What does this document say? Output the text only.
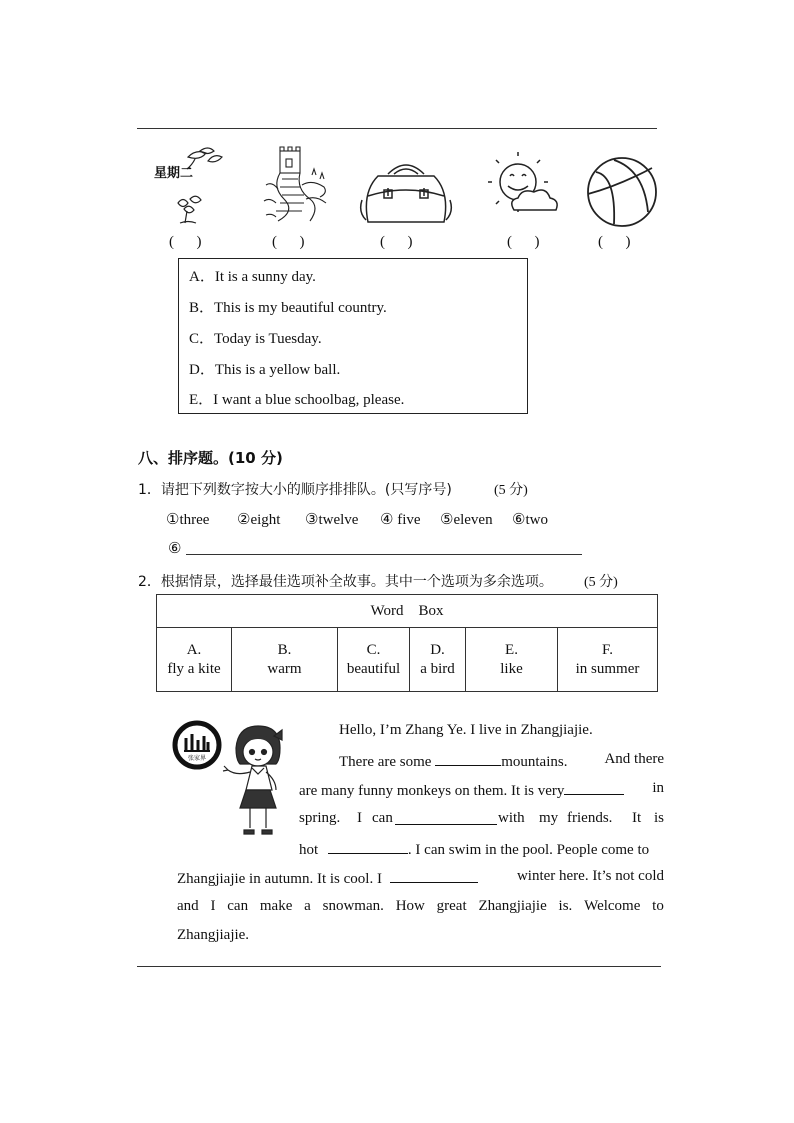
星期二
(      )	(      )	(      )	(      )	(      )
A．It is a sunny day.
B．This is my beautiful country.
C．Today is Tuesday.
D．This is a yellow ball.
E．I want a blue schoolbag, please.
八、排序题。(10 分)
1．请把下列数字按大小的顺序排排队。(只写序号)	(5 分)
①three ②eight ③twelve ④ five ⑤eleven ⑥two
⑥
2．根据情景，选择最佳选项补全故事。其中一个选项为多余选项。 (5 分)
Word    Box

A.
fly a kite

B.
warm

C.
beautiful

D.
a bird

E.
like

F.
in summer
张家界
Hello, I’m Zhang Ye. I live in Zhangjiajie.
There are some	mountains. And there
are many funny monkeys on them. It is very	in
spring. I can	with my friends. It is
hot	. I can swim in the pool. People come to
Zhangjiajie in autumn. It is cool. I	winter here. It’s not cold
and I can make a snowman. How great Zhangjiajie is. Welcome to
Zhangjiajie.
